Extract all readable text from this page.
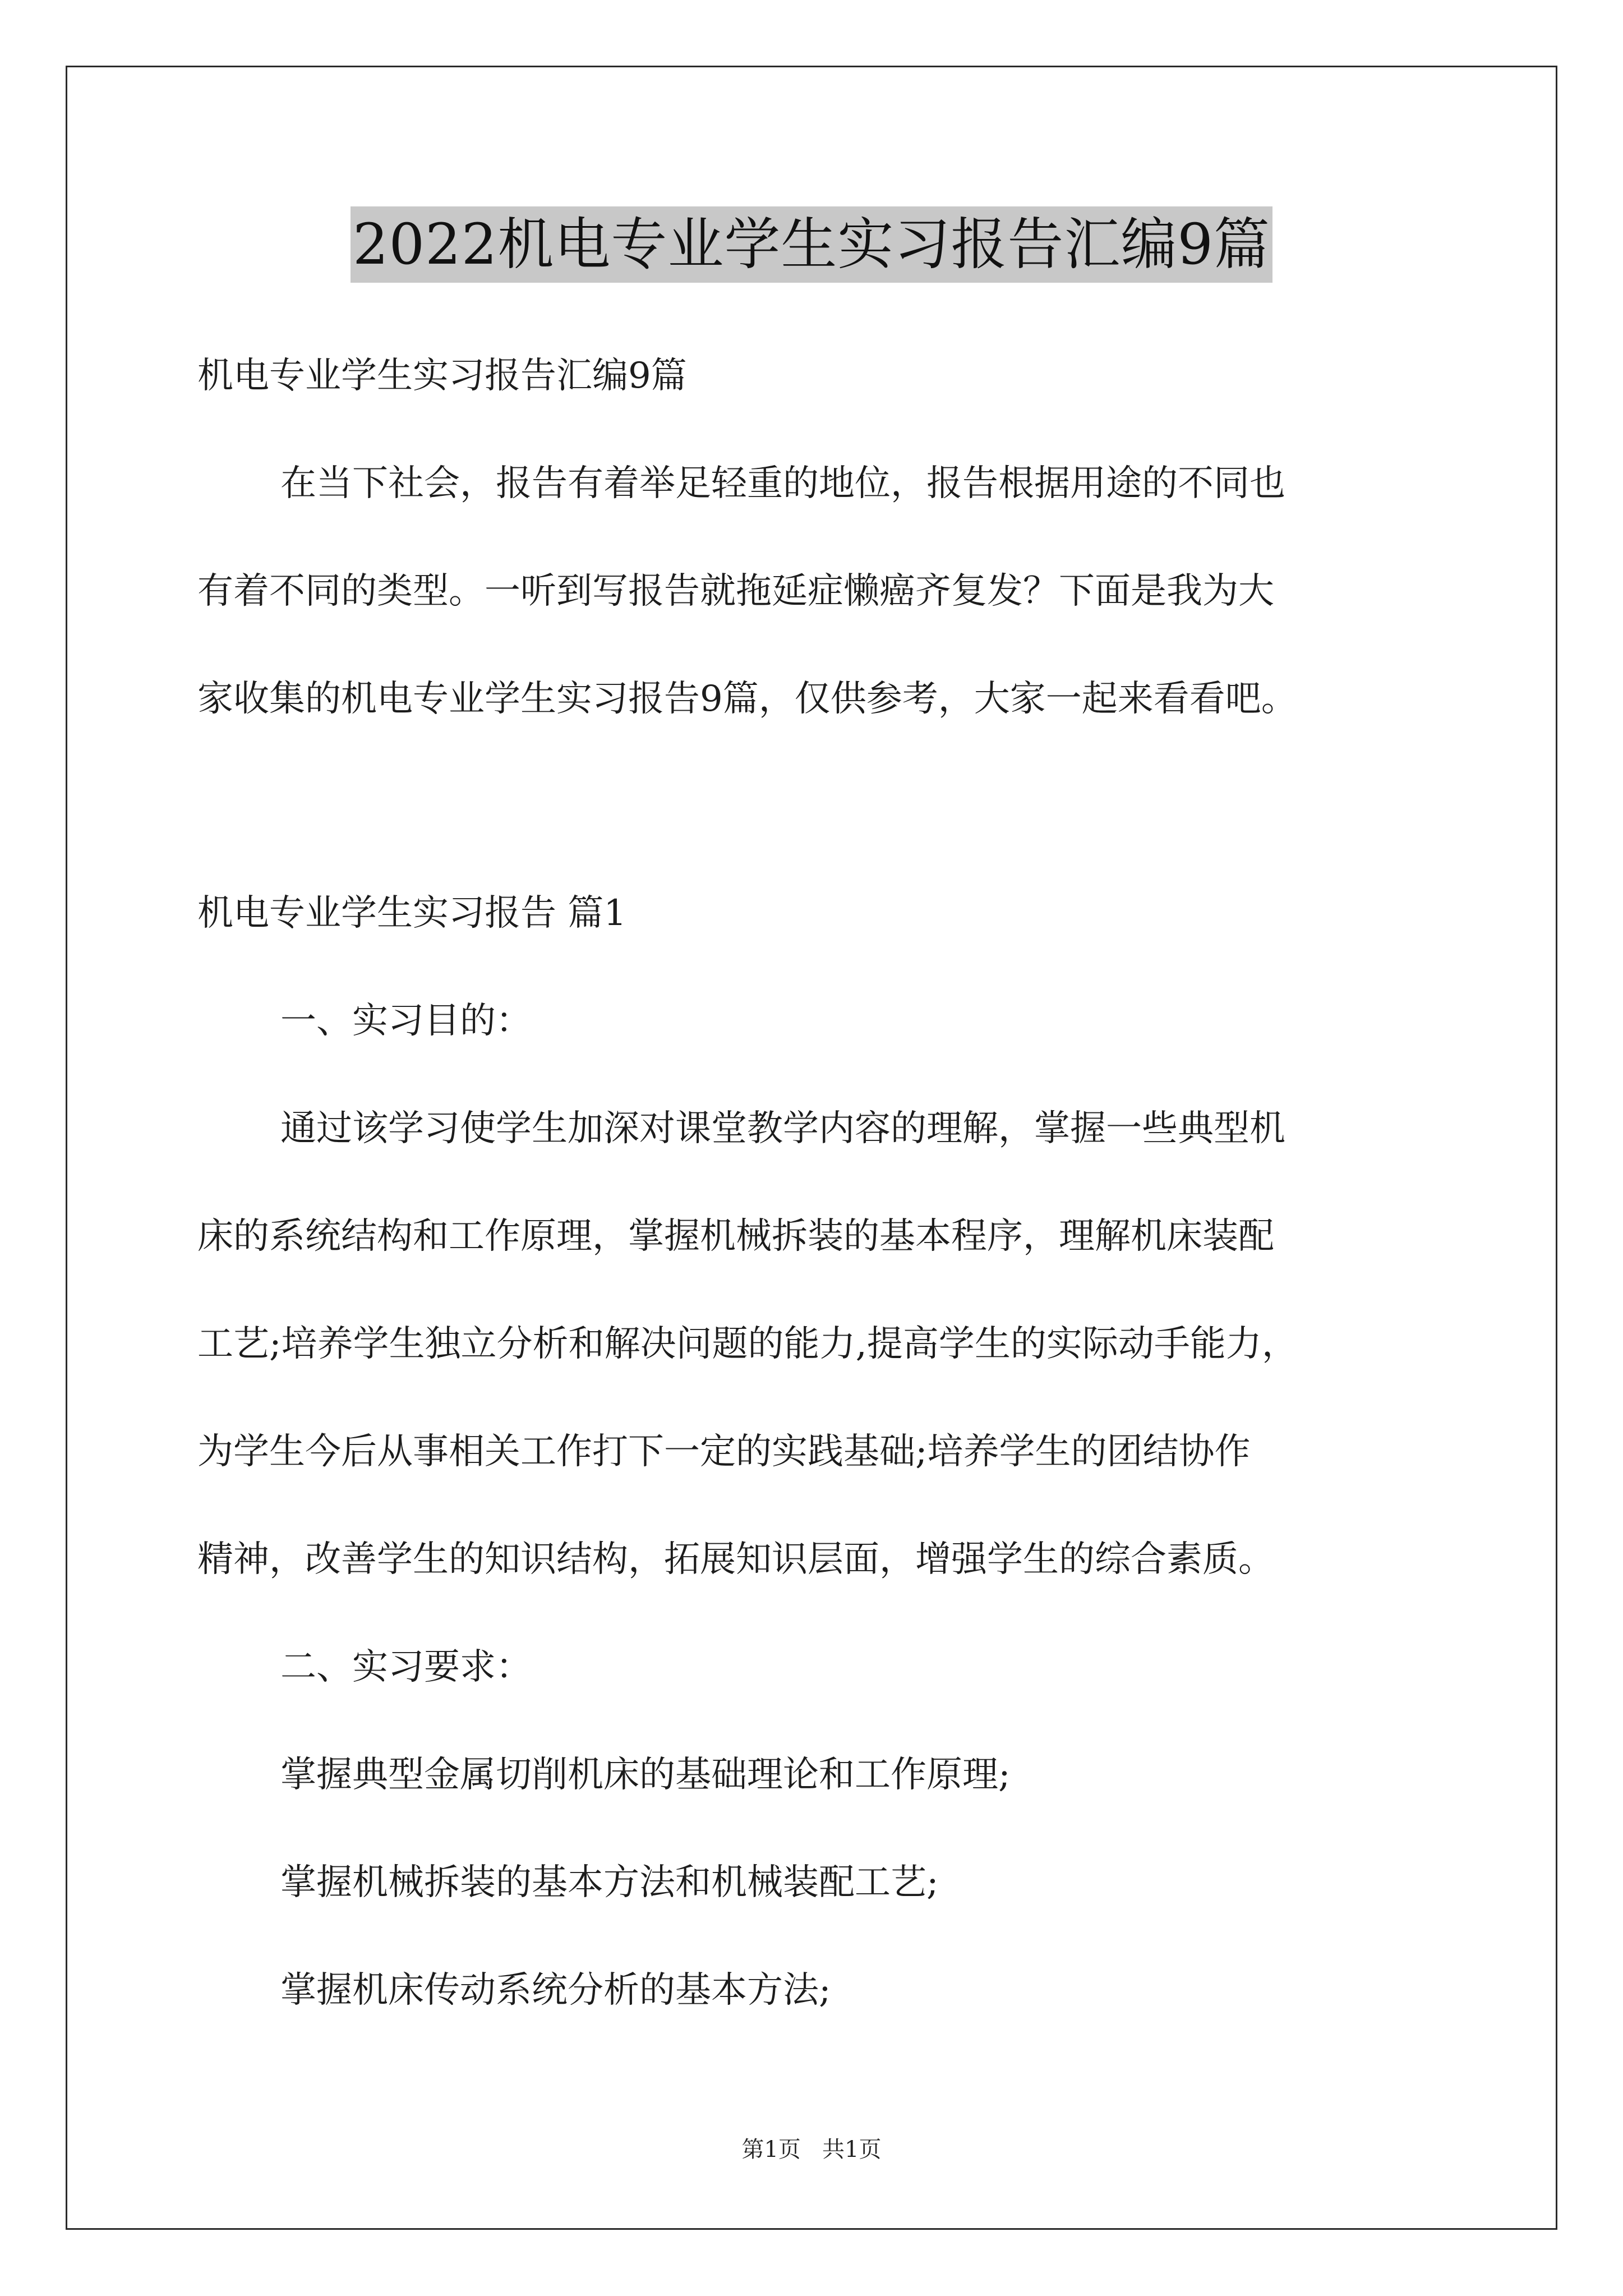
2022机电专业学生实习报告汇编9篇
机电专业学生实习报告汇编9篇
在当下社会，报告有着举足轻重的地位，报告根据用途的不同也
有着不同的类型。一听到写报告就拖延症懒癌齐复发？下面是我为大
家收集的机电专业学生实习报告9篇，仅供参考，大家一起来看看吧。
机电专业学生实习报告 篇1
一、实习目的：
通过该学习使学生加深对课堂教学内容的理解，掌握一些典型机
床的系统结构和工作原理，掌握机械拆装的基本程序，理解机床装配
工艺;培养学生独立分析和解决问题的能力,提高学生的实际动手能力，
为学生今后从事相关工作打下一定的实践基础;培养学生的团结协作
精神，改善学生的知识结构，拓展知识层面，增强学生的综合素质。
二、实习要求：
掌握典型金属切削机床的基础理论和工作原理;
掌握机械拆装的基本方法和机械装配工艺;
掌握机床传动系统分析的基本方法;
第1页   共1页
